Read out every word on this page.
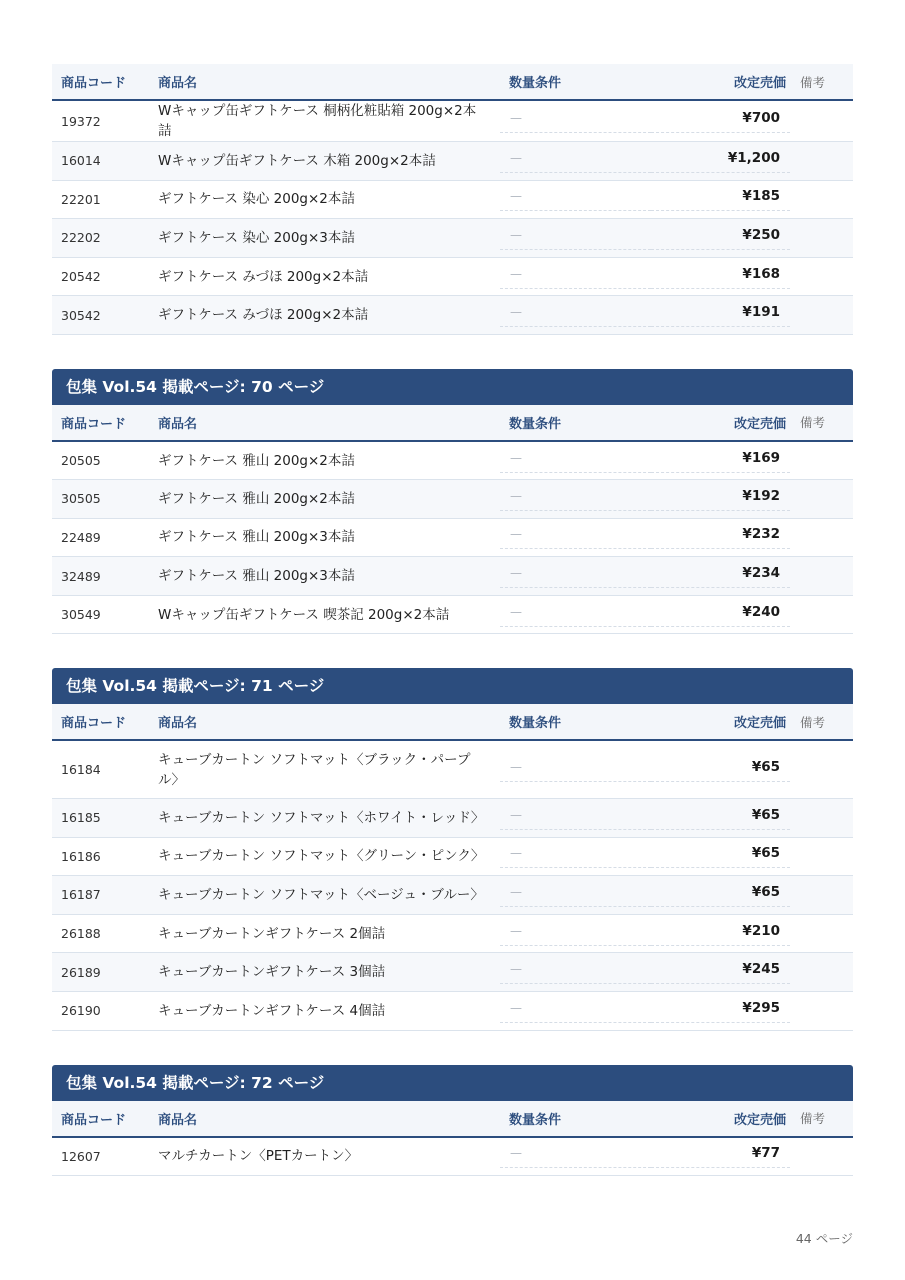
商品コード	商品名	数量条件	改定売価	備考
19372	Wキャップ缶ギフトケース 桐柄化粧貼箱 200g×2本詰	—	¥700	

16014	Wキャップ缶ギフトケース 木箱 200g×2本詰	—	¥1,200	

22201	ギフトケース 染心 200g×2本詰	—	¥185	

22202	ギフトケース 染心 200g×3本詰	—	¥250	

20542	ギフトケース みづほ 200g×2本詰	—	¥168	

30542	ギフトケース みづほ 200g×2本詰	—	¥191	

包集 Vol.54 掲載ページ: 70 ページ
商品コード	商品名	数量条件	改定売価	備考
20505	ギフトケース 雅山 200g×2本詰	—	¥169	

30505	ギフトケース 雅山 200g×2本詰	—	¥192	

22489	ギフトケース 雅山 200g×3本詰	—	¥232	

32489	ギフトケース 雅山 200g×3本詰	—	¥234	

30549	Wキャップ缶ギフトケース 喫茶記 200g×2本詰	—	¥240	

包集 Vol.54 掲載ページ: 71 ページ
商品コード	商品名	数量条件	改定売価	備考
16184	キューブカートン ソフトマット〈ブラック・パープル〉	—	¥65	

16185	キューブカートン ソフトマット〈ホワイト・レッド〉	—	¥65	

16186	キューブカートン ソフトマット〈グリーン・ピンク〉	—	¥65	

16187	キューブカートン ソフトマット〈ベージュ・ブルー〉	—	¥65	

26188	キューブカートンギフトケース 2個詰	—	¥210	

26189	キューブカートンギフトケース 3個詰	—	¥245	

26190	キューブカートンギフトケース 4個詰	—	¥295	

包集 Vol.54 掲載ページ: 72 ページ
商品コード	商品名	数量条件	改定売価	備考
12607	マルチカートン〈PETカートン〉	—	¥77	

44 ページ
